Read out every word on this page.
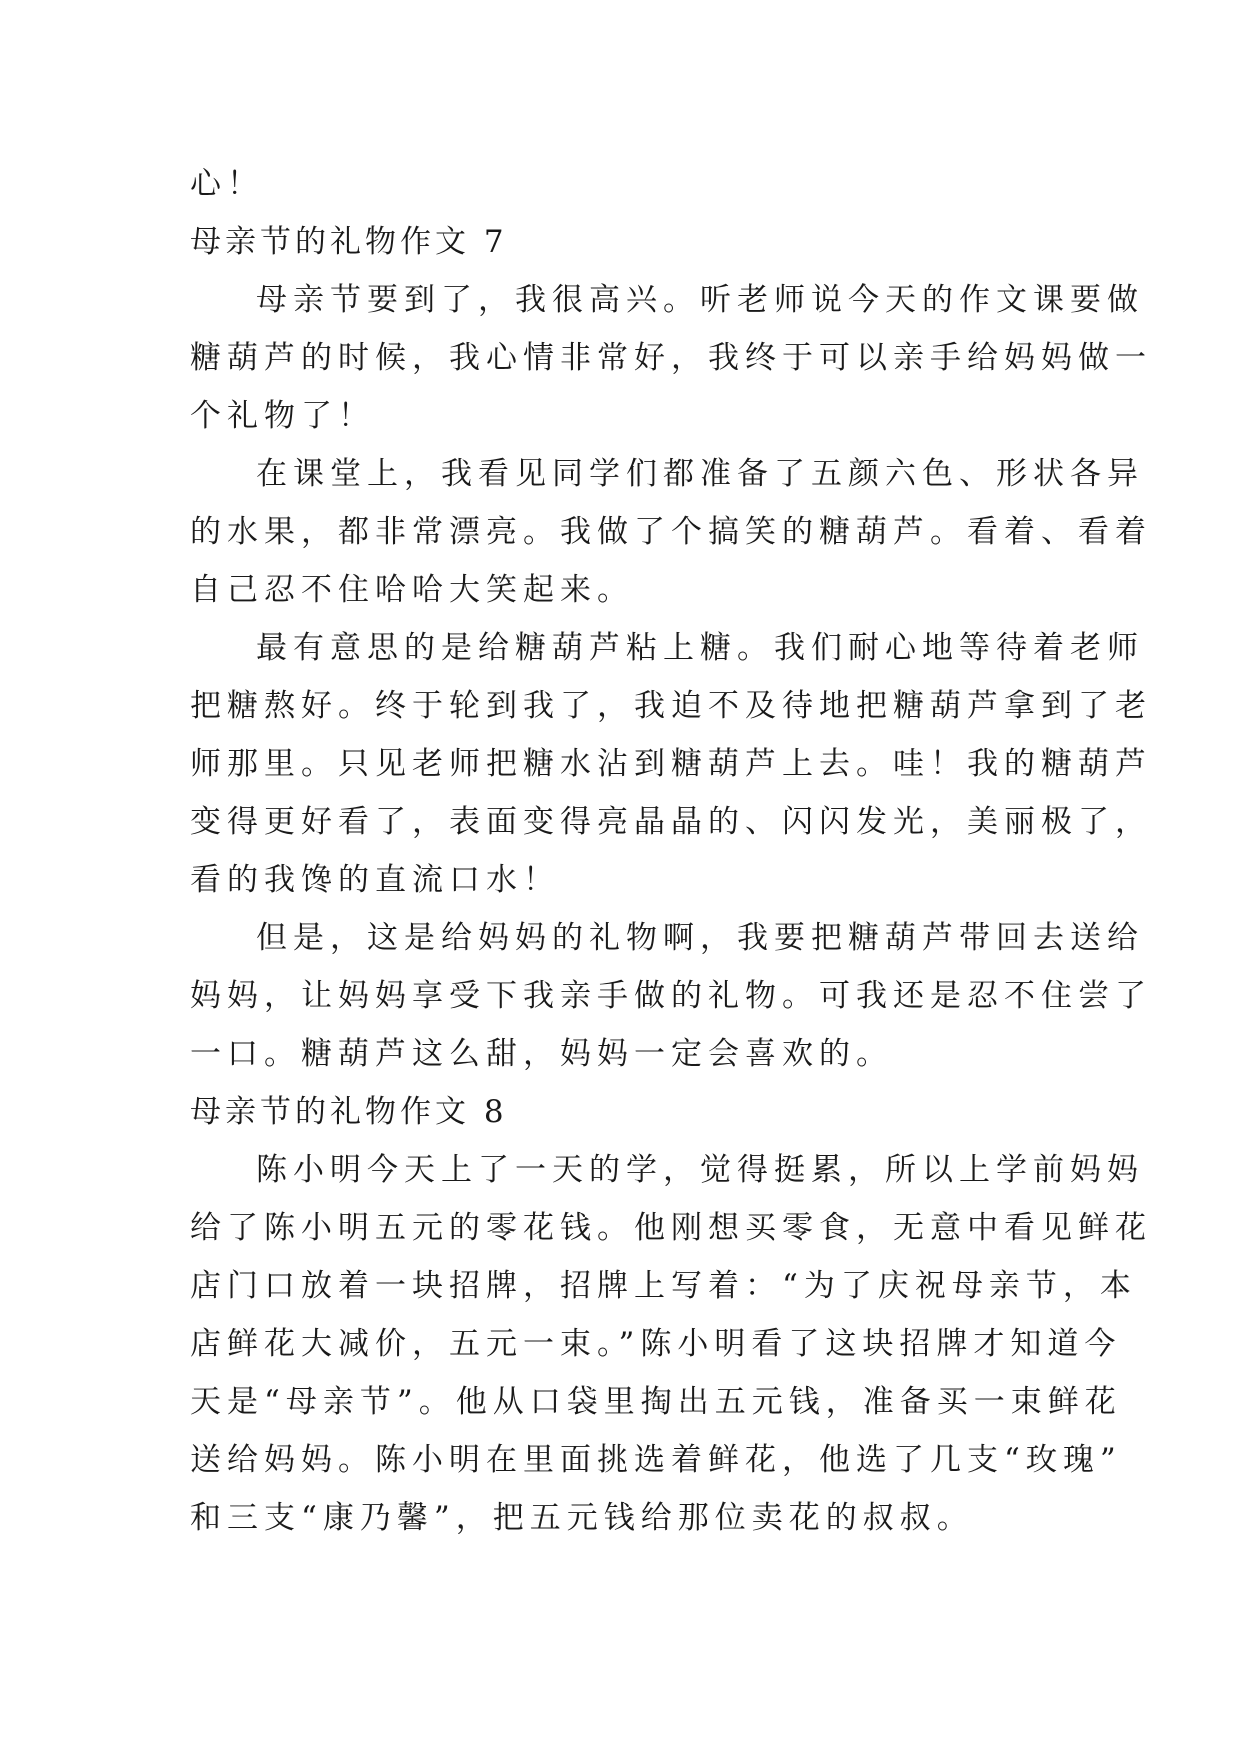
心！
母亲节的礼物作文 7
母亲节要到了，我很高兴。听老师说今天的作文课要做
糖葫芦的时候，我心情非常好，我终于可以亲手给妈妈做一
个礼物了！
在课堂上，我看见同学们都准备了五颜六色、形状各异
的水果，都非常漂亮。我做了个搞笑的糖葫芦。看着、看着
自己忍不住哈哈大笑起来。
最有意思的是给糖葫芦粘上糖。我们耐心地等待着老师
把糖熬好。终于轮到我了，我迫不及待地把糖葫芦拿到了老
师那里。只见老师把糖水沾到糖葫芦上去。哇！我的糖葫芦
变得更好看了，表面变得亮晶晶的、闪闪发光，美丽极了，
看的我馋的直流口水！
但是，这是给妈妈的礼物啊，我要把糖葫芦带回去送给
妈妈，让妈妈享受下我亲手做的礼物。可我还是忍不住尝了
一口。糖葫芦这么甜，妈妈一定会喜欢的。
母亲节的礼物作文 8
陈小明今天上了一天的学，觉得挺累，所以上学前妈妈
给了陈小明五元的零花钱。他刚想买零食，无意中看见鲜花
店门口放着一块招牌，招牌上写着：“为了庆祝母亲节，本
店鲜花大减价，五元一束。”陈小明看了这块招牌才知道今
天是“母亲节”。他从口袋里掏出五元钱，准备买一束鲜花
送给妈妈。陈小明在里面挑选着鲜花，他选了几支“玫瑰”
和三支“康乃馨”，把五元钱给那位卖花的叔叔。
